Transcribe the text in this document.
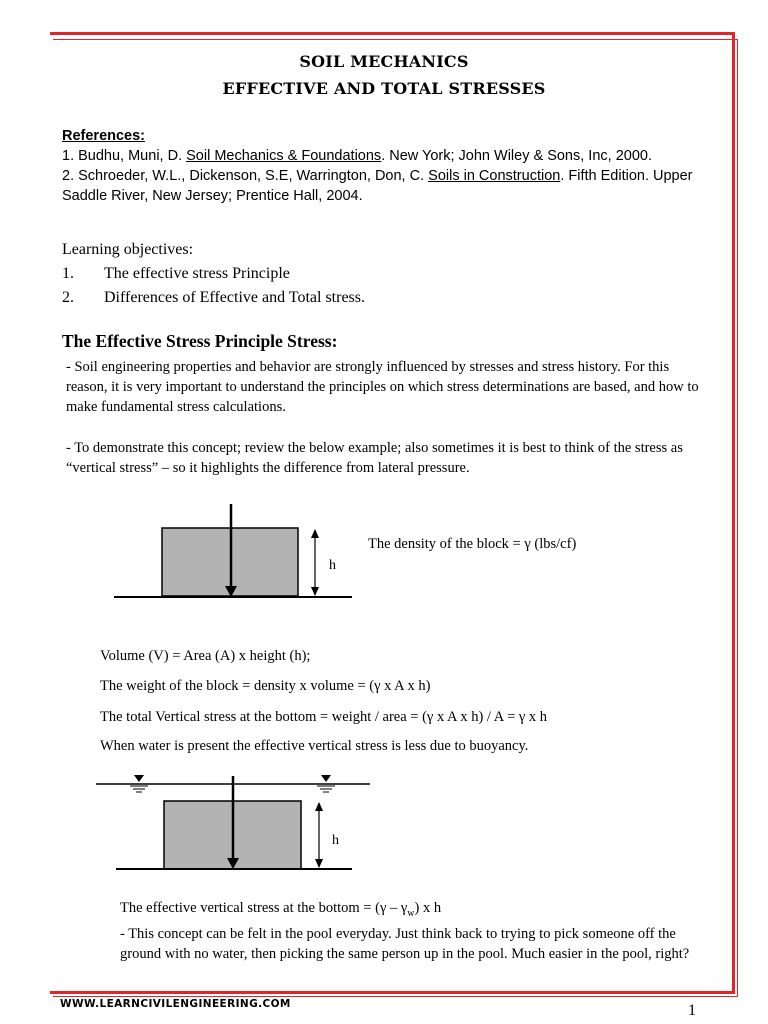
SOIL MECHANICS
EFFECTIVE AND TOTAL STRESSES
References:
1. Budhu, Muni, D. Soil Mechanics & Foundations. New York; John Wiley & Sons, Inc, 2000.
2. Schroeder, W.L., Dickenson, S.E, Warrington, Don, C. Soils in Construction. Fifth Edition. Upper Saddle River, New Jersey; Prentice Hall, 2004.
Learning objectives:
1.	The effective stress Principle
2.	Differences of Effective and Total stress.
The Effective Stress Principle Stress:
- Soil engineering properties and behavior are strongly influenced by stresses and stress history. For this reason, it is very important to understand the principles on which stress determinations are based, and how to make fundamental stress calculations.
- To demonstrate this concept; review the below example; also sometimes it is best to think of the stress as “vertical stress” – so it highlights the difference from lateral pressure.
h
The density of the block = γ (lbs/cf)
Volume (V) = Area (A) x height (h);
The weight of the block = density x volume = (γ x A x h)
The total Vertical stress at the bottom = weight / area = (γ x A x h) / A = γ x h
When water is present the effective vertical stress is less due to buoyancy.
h
The effective vertical stress at the bottom = $(\gamma - \gamma_w)$ x h
- This concept can be felt in the pool everyday. Just think back to trying to pick someone off the ground with no water, then picking the same person up in the pool. Much easier in the pool, right?
WWW.LEARNCIVILENGINEERING.COM	1
